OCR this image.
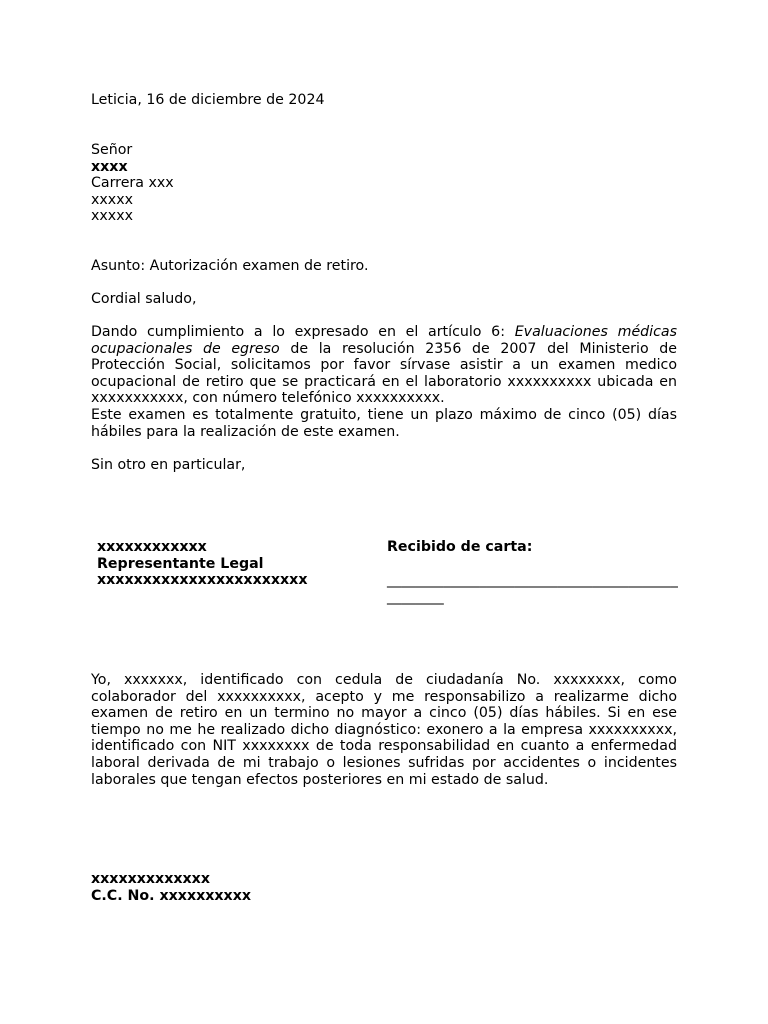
Leticia, 16 de diciembre de 2024
Señor
xxxx
Carrera xxx
xxxxx
xxxxx
Asunto: Autorización examen de retiro.
Cordial saludo,

Dando cumplimiento a lo expresado en el artículo 6: Evaluaciones médicas ocupacionales de egreso de la resolución 2356 de 2007 del Ministerio de Protección Social, solicitamos por favor sírvase asistir a un examen medico ocupacional de retiro que se practicará en el laboratorio xxxxxxxxxx ubicada en xxxxxxxxxxx, con número telefónico xxxxxxxxxx.

Este examen es totalmente gratuito, tiene un plazo máximo de cinco (05) días hábiles para la realización de este examen.

Sin otro en particular,
xxxxxxxxxxxx
Representante Legal
xxxxxxxxxxxxxxxxxxxxxxx
Recibido de carta:
_________________________________________
________

Yo, xxxxxxx, identificado con cedula de ciudadanía No. xxxxxxxx, como colaborador del xxxxxxxxxx, acepto y me responsabilizo a realizarme dicho examen de retiro en un termino no mayor a cinco (05) días hábiles. Si en ese tiempo no me he realizado dicho diagnóstico: exonero a la empresa xxxxxxxxxx, identificado con NIT xxxxxxxx de toda responsabilidad en cuanto a enfermedad laboral derivada de mi trabajo o lesiones sufridas por accidentes o incidentes laborales que tengan efectos posteriores en mi estado de salud.

xxxxxxxxxxxxx
C.C. No. xxxxxxxxxx
